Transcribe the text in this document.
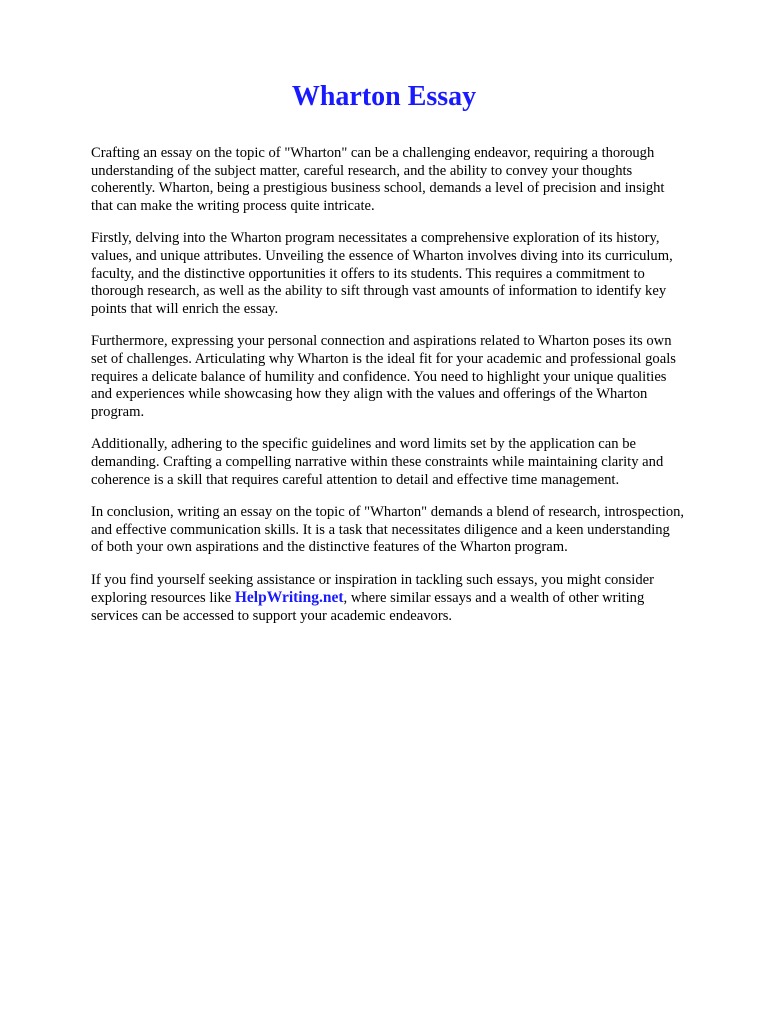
Wharton Essay

Crafting an essay on the topic of "Wharton" can be a challenging endeavor, requiring a thorough
understanding of the subject matter, careful research, and the ability to convey your thoughts
coherently. Wharton, being a prestigious business school, demands a level of precision and insight
that can make the writing process quite intricate.

Firstly, delving into the Wharton program necessitates a comprehensive exploration of its history,
values, and unique attributes. Unveiling the essence of Wharton involves diving into its curriculum,
faculty, and the distinctive opportunities it offers to its students. This requires a commitment to
thorough research, as well as the ability to sift through vast amounts of information to identify key
points that will enrich the essay.

Furthermore, expressing your personal connection and aspirations related to Wharton poses its own
set of challenges. Articulating why Wharton is the ideal fit for your academic and professional goals
requires a delicate balance of humility and confidence. You need to highlight your unique qualities
and experiences while showcasing how they align with the values and offerings of the Wharton
program.

Additionally, adhering to the specific guidelines and word limits set by the application can be
demanding. Crafting a compelling narrative within these constraints while maintaining clarity and
coherence is a skill that requires careful attention to detail and effective time management.

In conclusion, writing an essay on the topic of "Wharton" demands a blend of research, introspection,
and effective communication skills. It is a task that necessitates diligence and a keen understanding
of both your own aspirations and the distinctive features of the Wharton program.

If you find yourself seeking assistance or inspiration in tackling such essays, you might consider
exploring resources like HelpWriting.net, where similar essays and a wealth of other writing
services can be accessed to support your academic endeavors.
